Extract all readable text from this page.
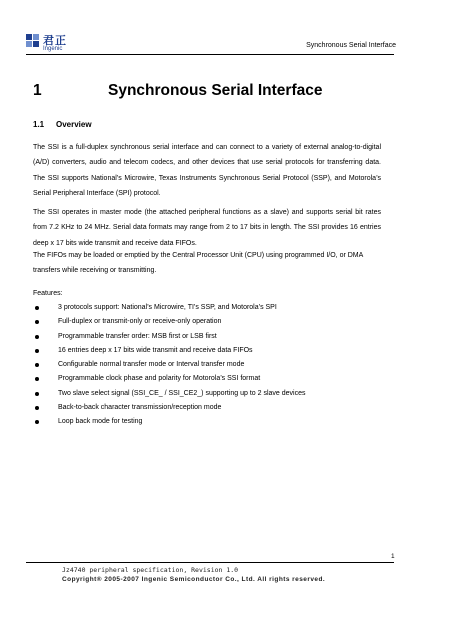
君正
Ingenic	Synchronous Serial Interface
1	Synchronous Serial Interface
1.1 Overview

The SSI is a full-duplex synchronous serial interface and can connect to a variety of external analog-to-digital (A/D) converters, audio and telecom codecs, and other devices that use serial protocols for transferring data. The SSI supports National’s Microwire, Texas Instruments Synchronous Serial Protocol (SSP), and Motorola’s Serial Peripheral Interface (SPI) protocol.

The SSI operates in master mode (the attached peripheral functions as a slave) and supports serial bit rates from 7.2 KHz to 24 MHz. Serial data formats may range from 2 to 17 bits in length. The SSI provides 16 entries deep x 17 bits wide transmit and receive data FIFOs.

The FIFOs may be loaded or emptied by the Central Processor Unit (CPU) using programmed I/O, or DMA transfers while receiving or transmitting.

Features:
3 protocols support: National’s Microwire, TI’s SSP, and Motorola’s SPI
Full-duplex or transmit-only or receive-only operation
Programmable transfer order: MSB first or LSB first
16 entries deep x 17 bits wide transmit and receive data FIFOs
Configurable normal transfer mode or Interval transfer mode
Programmable clock phase and polarity for Motorola’s SSI format
Two slave select signal (SSI_CE_ / SSI_CE2_) supporting up to 2 slave devices
Back-to-back character transmission/reception mode
Loop back mode for testing
1
Jz4740 peripheral specification, Revision 1.0
Copyright® 2005-2007 Ingenic Semiconductor Co., Ltd. All rights reserved.
